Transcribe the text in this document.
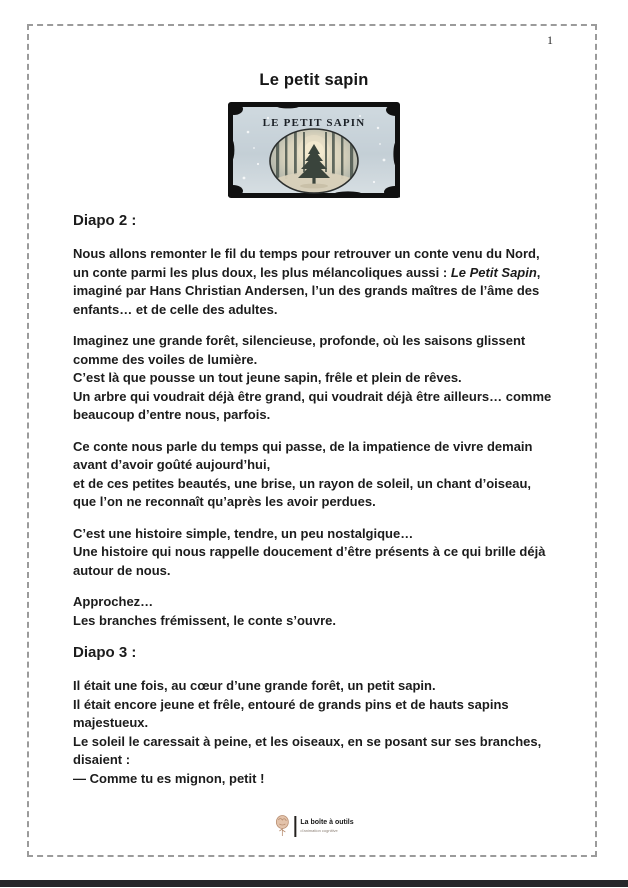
1
Le petit sapin
LE PETIT SAPIN
Diapo 2 :
Nous allons remonter le fil du temps pour retrouver un conte venu du Nord,
un conte parmi les plus doux, les plus mélancoliques aussi : Le Petit Sapin,
imaginé par Hans Christian Andersen, l’un des grands maîtres de l’âme des
enfants… et de celle des adultes.
Imaginez une grande forêt, silencieuse, profonde, où les saisons glissent
comme des voiles de lumière.
C’est là que pousse un tout jeune sapin, frêle et plein de rêves.
Un arbre qui voudrait déjà être grand, qui voudrait déjà être ailleurs… comme
beaucoup d’entre nous, parfois.
Ce conte nous parle du temps qui passe, de la impatience de vivre demain
avant d’avoir goûté aujourd’hui,
et de ces petites beautés, une brise, un rayon de soleil, un chant d’oiseau,
que l’on ne reconnaît qu’après les avoir perdues.
C’est une histoire simple, tendre, un peu nostalgique…
Une histoire qui nous rappelle doucement d’être présents à ce qui brille déjà
autour de nous.
Approchez…
Les branches frémissent, le conte s’ouvre.
Diapo 3 :
Il était une fois, au cœur d’une grande forêt, un petit sapin.
Il était encore jeune et frêle, entouré de grands pins et de hauts sapins
majestueux.
Le soleil le caressait à peine, et les oiseaux, en se posant sur ses branches,
disaient :
— Comme tu es mignon, petit !
La boîte à outils
d’animation cognitive
